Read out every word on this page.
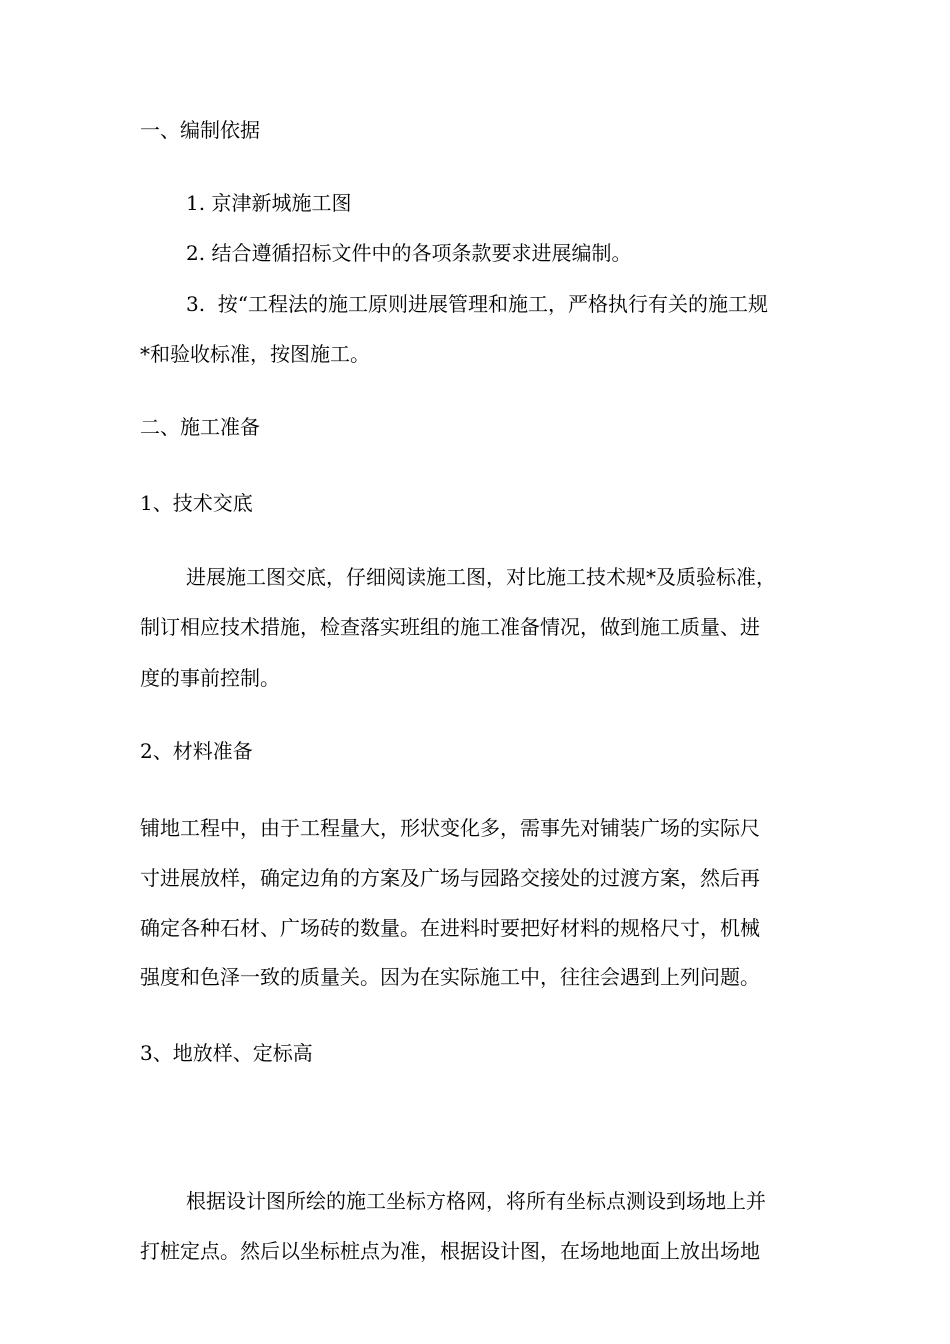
一、编制依据

1. 京津新城施工图

2. 结合遵循招标文件中的各项条款要求进展编制。

3.  按“工程法的施工原则进展管理和施工，严格执行有关的施工规

*和验收标准，按图施工。

二、施工准备

1、技术交底

进展施工图交底，仔细阅读施工图，对比施工技术规*及质验标准，

制订相应技术措施，检查落实班组的施工准备情况，做到施工质量、进

度的事前控制。

2、材料准备

铺地工程中，由于工程量大，形状变化多，需事先对铺装广场的实际尺

寸进展放样，确定边角的方案及广场与园路交接处的过渡方案，然后再

确定各种石材、广场砖的数量。在进料时要把好材料的规格尺寸，机械

强度和色泽一致的质量关。因为在实际施工中，往往会遇到上列问题。

3、地放样、定标高

根据设计图所绘的施工坐标方格网，将所有坐标点测设到场地上并

打桩定点。然后以坐标桩点为准，根据设计图，在场地地面上放出场地
